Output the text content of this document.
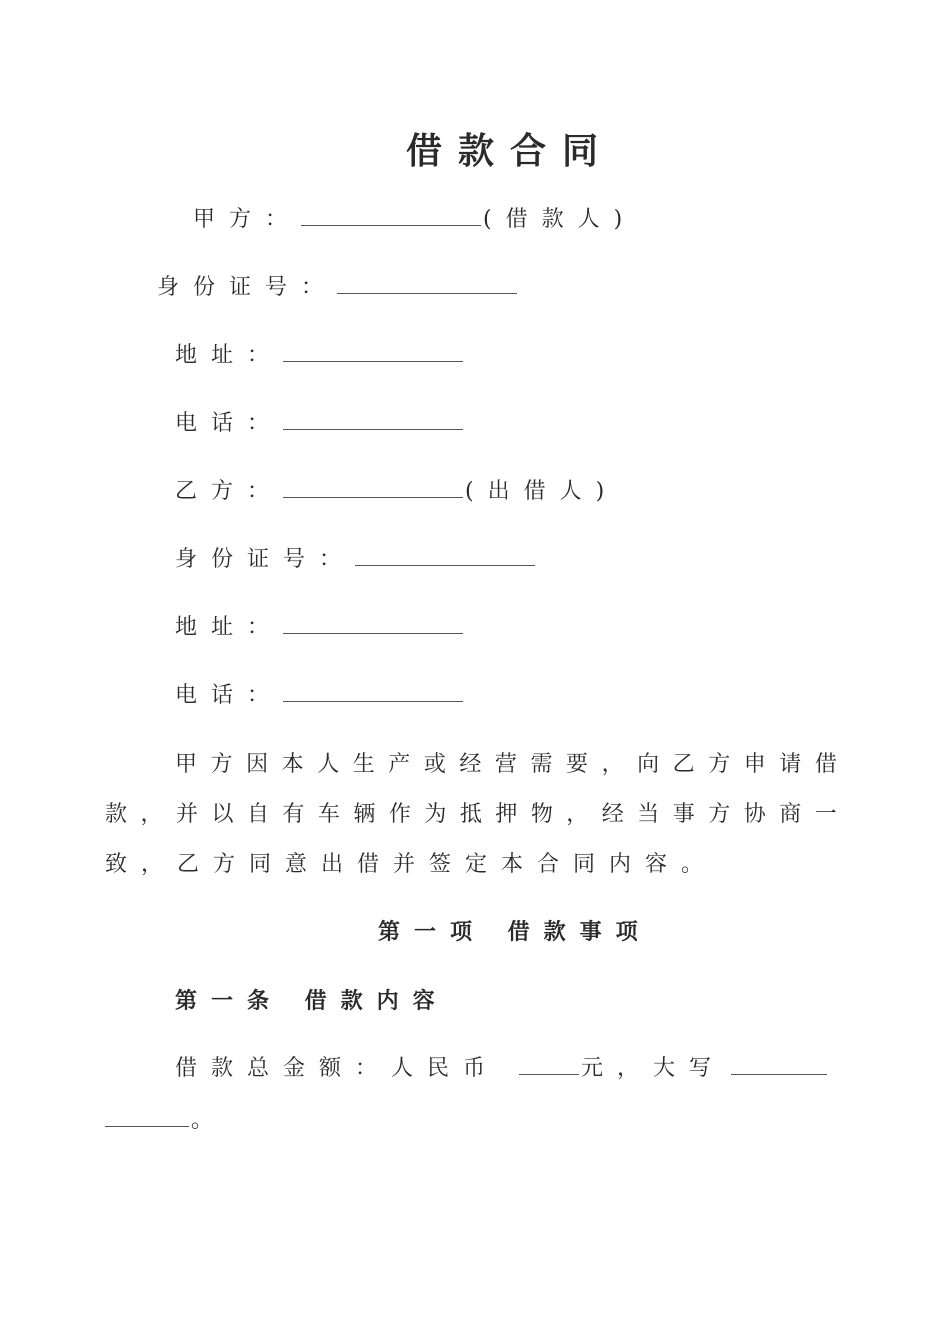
借款合同
甲方：	(借款人)
身份证号：
地址：
电话：
乙方：	(出借人)
身份证号：
地址：
电话：
甲 方 因 本 人 生 产 或 经 营 需 要 ， 向 乙 方 申 请 借
款 ， 并 以 自 有 车 辆 作 为 抵 押 物 ， 经 当 事 方 协 商 一
致，乙方同意出借并签定本合同内容。
第一项 借款事项
第一条 借款内容
借款总金额：人民币	元，大写
。
